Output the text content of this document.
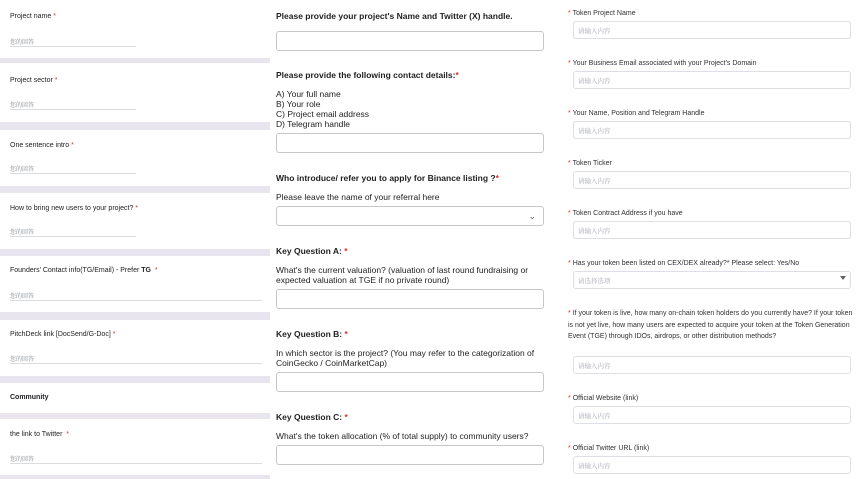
Project name *
您的回答
Project sector *
您的回答
One sentence intro *
您的回答
How to bring new users to your project? *
您的回答
Founders' Contact info(TG/Email) - Prefer TG *
您的回答
PitchDeck link [DocSend/G-Doc] *
您的回答
Community
the link to Twitter *
您的回答
Please provide your project's Name and Twitter (X) handle.
Please provide the following contact details:*
A) Your full name
B) Your role
C) Project email address
D) Telegram handle
Who introduce/ refer you to apply for Binance listing ?*
Please leave the name of your referral here
⌄
Key Question A: *
What's the current valuation? (valuation of last round fundraising or expected valuation at TGE if no private round)
Key Question B: *
In which sector is the project? (You may refer to the categorization of CoinGecko / CoinMarketCap)
Key Question C: *
What's the token allocation (% of total supply) to community users?
* Token Project Name
请输入内容
* Your Business Email associated with your Project's Domain
请输入内容
* Your Name, Position and Telegram Handle
请输入内容
* Token Ticker
请输入内容
* Token Contract Address if you have
请输入内容
* Has your token been listed on CEX/DEX already?* Please select: Yes/No
请选择选项
* If your token is live, how many on-chain token holders do you currently have? If your token is not yet live, how many users are expected to acquire your token at the Token Generation Event (TGE) through IDOs, airdrops, or other distribution methods?
请输入内容
* Official Website (link)
请输入内容
* Official Twitter URL (link)
请输入内容
